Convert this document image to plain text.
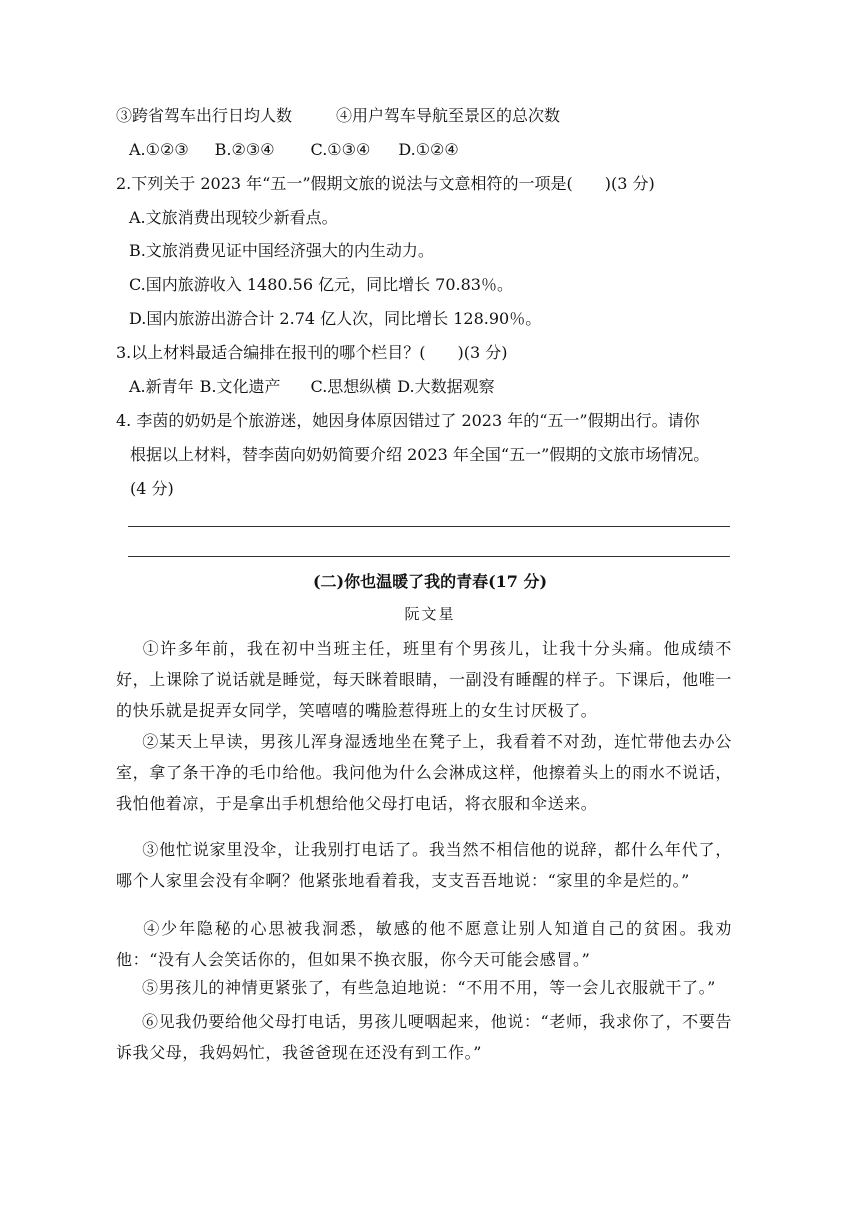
③跨省驾车出行日均人数	④用户驾车导航至景区的总次数
A.①②③ B.②③④ C.①③④ D.①②④
2.下列关于 2023 年“五一”假期文旅的说法与文意相符的一项是(　　)(3 分)
A.文旅消费出现较少新看点。
B.文旅消费见证中国经济强大的内生动力。
C.国内旅游收入 1480.56 亿元，同比增长 70.83％。
D.国内旅游出游合计 2.74 亿人次，同比增长 128.90％。
3.以上材料最适合编排在报刊的哪个栏目？(　　)(3 分)
A.新青年 B.文化遗产 C.思想纵横 D.大数据观察
4. 李茵的奶奶是个旅游迷，她因身体原因错过了 2023 年的“五一”假期出行。请你
根据以上材料，替李茵向奶奶简要介绍 2023 年全国“五一”假期的文旅市场情况。
(4 分)
(二)你也温暖了我的青春(17 分)
阮文星
①许多年前，我在初中当班主任，班里有个男孩儿，让我十分头痛。他成绩不好，上课除了说话就是睡觉，每天眯着眼睛，一副没有睡醒的样子。下课后，他唯一的快乐就是捉弄女同学，笑嘻嘻的嘴脸惹得班上的女生讨厌极了。
②某天上早读，男孩儿浑身湿透地坐在凳子上，我看着不对劲，连忙带他去办公室，拿了条干净的毛巾给他。我问他为什么会淋成这样，他擦着头上的雨水不说话，我怕他着凉，于是拿出手机想给他父母打电话，将衣服和伞送来。
③他忙说家里没伞，让我别打电话了。我当然不相信他的说辞，都什么年代了，哪个人家里会没有伞啊？他紧张地看着我，支支吾吾地说：“家里的伞是烂的。”
④少年隐秘的心思被我洞悉，敏感的他不愿意让别人知道自己的贫困。我劝他：“没有人会笑话你的，但如果不换衣服，你今天可能会感冒。”
⑤男孩儿的神情更紧张了，有些急迫地说：“不用不用，等一会儿衣服就干了。”
⑥见我仍要给他父母打电话，男孩儿哽咽起来，他说：“老师，我求你了，不要告诉我父母，我妈妈忙，我爸爸现在还没有到工作。”
